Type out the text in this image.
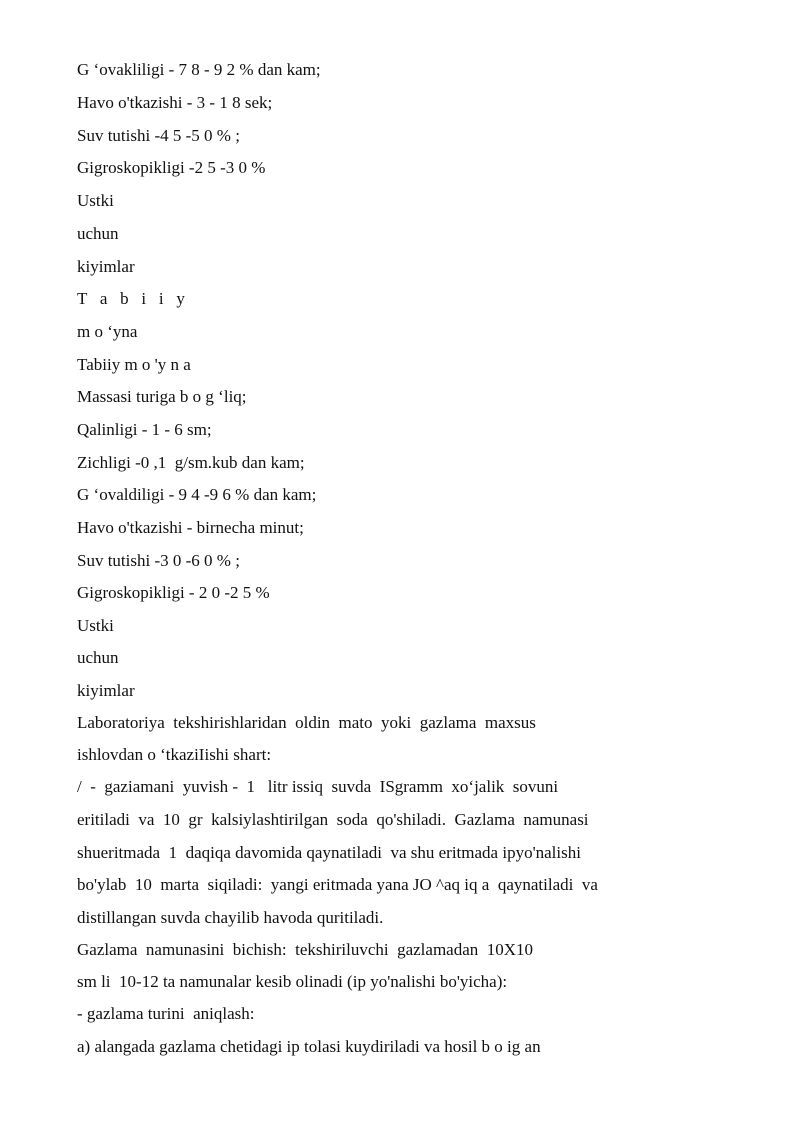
G ‘ovakliligi - 7 8 - 9 2 % dan kam;

Havo o'tkazishi - 3 - 1 8 sek;

Suv tutishi -4 5 -5 0 % ;

Gigroskopikligi -2 5 -3 0 %

Ustki

uchun

kiyimlar

T   a   b   i   i   y

m o ‘yna

Tabiiy m o 'y n a

Massasi turiga b o g ‘liq;

Qalinligi - 1 - 6 sm;

Zichligi -0 ,1  g/sm.kub dan kam;

G ‘ovaldiligi - 9 4 -9 6 % dan kam;

Havo o'tkazishi - birnecha minut;

Suv tutishi -3 0 -6 0 % ;

Gigroskopikligi - 2 0 -2 5 %

Ustki

uchun

kiyimlar

Laboratoriya  tekshirishlaridan  oldin  mato  yoki  gazlama  maxsus

ishlovdan o ‘tkaziIishi shart:

/  -  gaziamani  yuvish -  1   litr issiq  suvda  ISgramm  xo‘jalik  sovuni

eritiladi  va  10  gr  kalsiylashtirilgan  soda  qo'shiladi.  Gazlama  namunasi

shueritmada  1  daqiqa davomida qaynatiladi  va shu eritmada ipyo'nalishi

bo'ylab  10  marta  siqiladi:  yangi eritmada yana JO ^aq iq a  qaynatiladi  va

distillangan suvda chayilib havoda quritiladi.

Gazlama  namunasini  bichish:  tekshiriluvchi  gazlamadan  10X10

sm li  10-12 ta namunalar kesib olinadi (ip yo'nalishi bo'yicha):

- gazlama turini  aniqlash:

a) alangada gazlama chetidagi ip tolasi kuydiriladi va hosil b o ig an
